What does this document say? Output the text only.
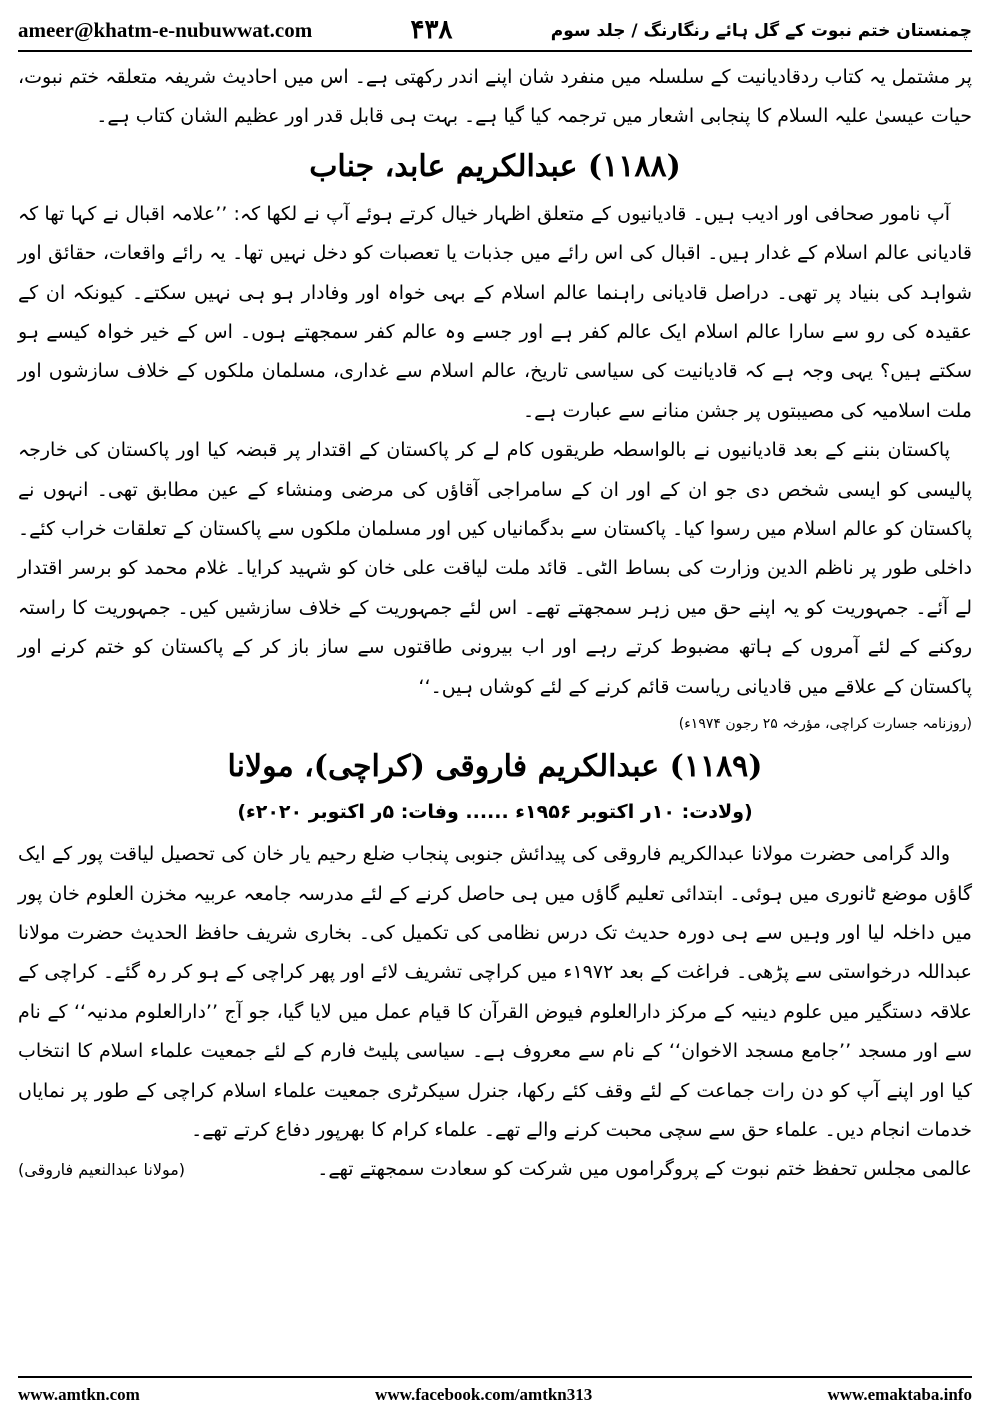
ameer@khatm-e-nubuwwat.com	۴۳۸	چمنستان ختم نبوت کے گل ہائے رنگارنگ / جلد سوم

پر مشتمل یہ کتاب ردقادیانیت کے سلسلہ میں منفرد شان اپنے اندر رکھتی ہے۔ اس میں احادیث شریفہ متعلقہ ختم نبوت، حیات عیسیٰ علیہ السلام کا پنجابی اشعار میں ترجمہ کیا گیا ہے۔ بہت ہی قابل قدر اور عظیم الشان کتاب ہے۔

(۱۱۸۸) عبدالکریم عابد، جناب

آپ نامور صحافی اور ادیب ہیں۔ قادیانیوں کے متعلق اظہار خیال کرتے ہوئے آپ نے لکھا کہ: ’’علامہ اقبال نے کہا تھا کہ قادیانی عالم اسلام کے غدار ہیں۔ اقبال کی اس رائے میں جذبات یا تعصبات کو دخل نہیں تھا۔ یہ رائے واقعات، حقائق اور شواہد کی بنیاد پر تھی۔ دراصل قادیانی راہنما عالم اسلام کے بہی خواہ اور وفادار ہو ہی نہیں سکتے۔ کیونکہ ان کے عقیدہ کی رو سے سارا عالم اسلام ایک عالم کفر ہے اور جسے وہ عالم کفر سمجھتے ہوں۔ اس کے خیر خواہ کیسے ہو سکتے ہیں؟ یہی وجہ ہے کہ قادیانیت کی سیاسی تاریخ، عالم اسلام سے غداری، مسلمان ملکوں کے خلاف سازشوں اور ملت اسلامیہ کی مصیبتوں پر جشن منانے سے عبارت ہے۔

پاکستان بننے کے بعد قادیانیوں نے بالواسطہ طریقوں کام لے کر پاکستان کے اقتدار پر قبضہ کیا اور پاکستان کی خارجہ پالیسی کو ایسی شخص دی جو ان کے اور ان کے سامراجی آقاؤں کی مرضی ومنشاء کے عین مطابق تھی۔ انہوں نے پاکستان کو عالم اسلام میں رسوا کیا۔ پاکستان سے بدگمانیاں کیں اور مسلمان ملکوں سے پاکستان کے تعلقات خراب کئے۔ داخلی طور پر ناظم الدین وزارت کی بساط الٹی۔ قائد ملت لیاقت علی خان کو شہید کرایا۔ غلام محمد کو برسر اقتدار لے آئے۔ جمہوریت کو یہ اپنے حق میں زہر سمجھتے تھے۔ اس لئے جمہوریت کے خلاف سازشیں کیں۔ جمہوریت کا راستہ روکنے کے لئے آمروں کے ہاتھ مضبوط کرتے رہے اور اب بیرونی طاقتوں سے ساز باز کر کے پاکستان کو ختم کرنے اور پاکستان کے علاقے میں قادیانی ریاست قائم کرنے کے لئے کوشاں ہیں۔‘‘

(روزنامہ جسارت کراچی، مؤرخہ ۲۵ رجون ۱۹۷۴ء)

(۱۱۸۹) عبدالکریم فاروقی (کراچی)، مولانا
(ولادت: ۱۰ر اکتوبر ۱۹۵۶ء ...... وفات: ۵ر اکتوبر ۲۰۲۰ء)

والد گرامی حضرت مولانا عبدالکریم فاروقی کی پیدائش جنوبی پنجاب ضلع رحیم یار خان کی تحصیل لیاقت پور کے ایک گاؤں موضع ٹانوری میں ہوئی۔ ابتدائی تعلیم گاؤں میں ہی حاصل کرنے کے لئے مدرسہ جامعہ عربیہ مخزن العلوم خان پور میں داخلہ لیا اور وہیں سے ہی دورہ حدیث تک درس نظامی کی تکمیل کی۔ بخاری شریف حافظ الحدیث حضرت مولانا عبداللہ درخواستی سے پڑھی۔ فراغت کے بعد ۱۹۷۲ء میں کراچی تشریف لائے اور پھر کراچی کے ہو کر رہ گئے۔ کراچی کے علاقہ دستگیر میں علوم دینیہ کے مرکز دارالعلوم فیوض القرآن کا قیام عمل میں لایا گیا، جو آج ’’دارالعلوم مدنیہ‘‘ کے نام سے اور مسجد ’’جامع مسجد الاخوان‘‘ کے نام سے معروف ہے۔ سیاسی پلیٹ فارم کے لئے جمعیت علماء اسلام کا انتخاب کیا اور اپنے آپ کو دن رات جماعت کے لئے وقف کئے رکھا، جنرل سیکرٹری جمعیت علماء اسلام کراچی کے طور پر نمایاں خدمات انجام دیں۔ علماء حق سے سچی محبت کرنے والے تھے۔ علماء کرام کا بھرپور دفاع کرتے تھے۔

عالمی مجلس تحفظ ختم نبوت کے پروگراموں میں شرکت کو سعادت سمجھتے تھے۔

(مولانا عبدالنعیم فاروقی)
www.amtkn.com	www.facebook.com/amtkn313	www.emaktaba.info
